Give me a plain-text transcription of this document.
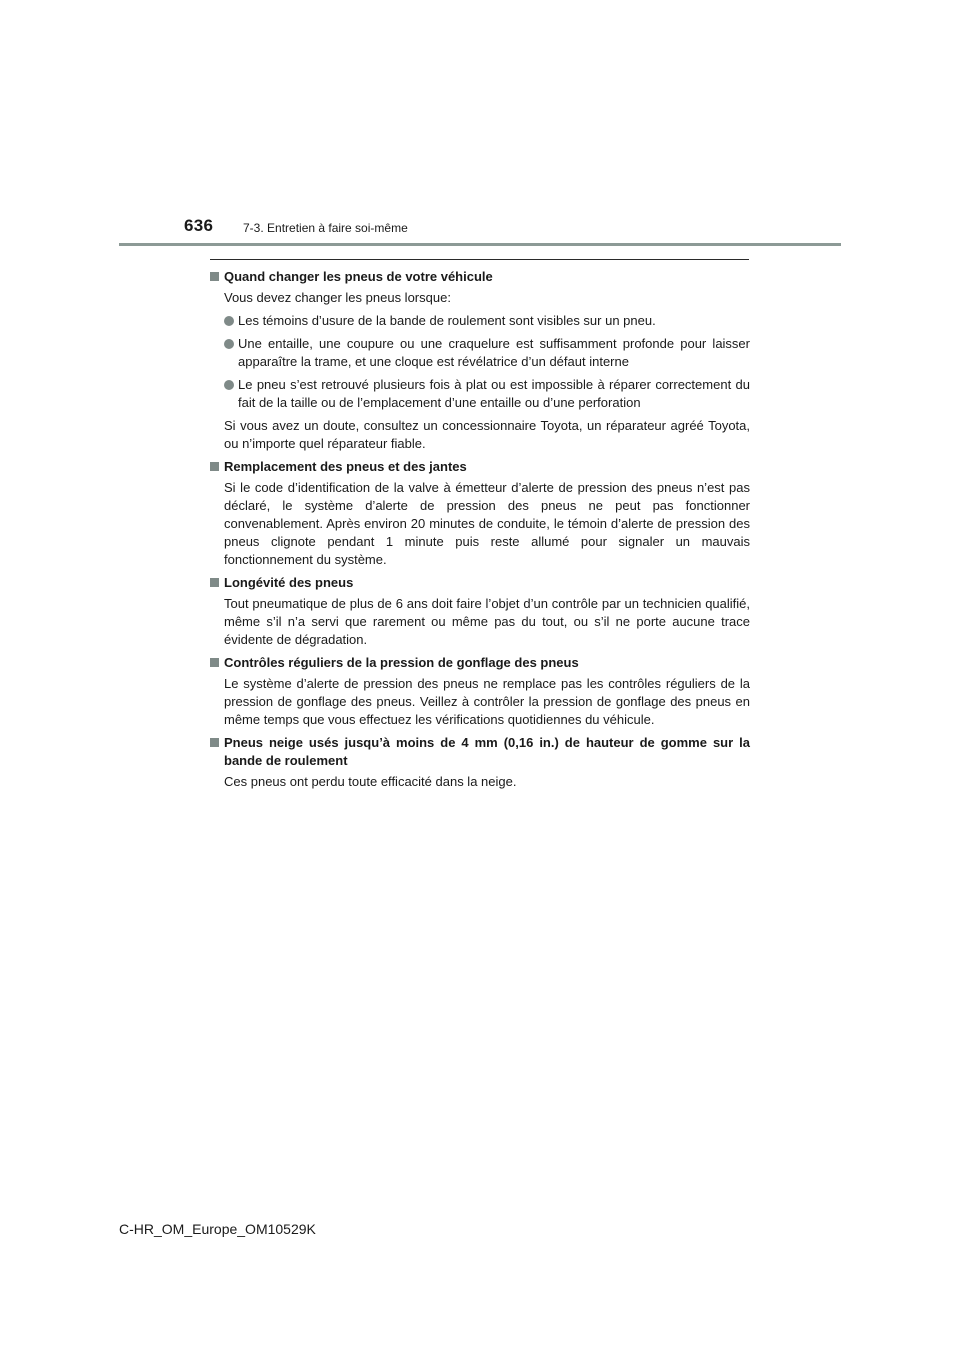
636 7-3. Entretien à faire soi-même
Quand changer les pneus de votre véhicule
Vous devez changer les pneus lorsque:
Les témoins d’usure de la bande de roulement sont visibles sur un pneu.
Une entaille, une coupure ou une craquelure est suffisamment profonde pour laisser apparaître la trame, et une cloque est révélatrice d’un défaut interne
Le pneu s’est retrouvé plusieurs fois à plat ou est impossible à réparer correctement du fait de la taille ou de l’emplacement d’une entaille ou d’une perforation
Si vous avez un doute, consultez un concessionnaire Toyota, un réparateur agréé Toyota, ou n’importe quel réparateur fiable.
Remplacement des pneus et des jantes
Si le code d’identification de la valve à émetteur d’alerte de pression des pneus n’est pas déclaré, le système d’alerte de pression des pneus ne peut pas fonctionner convenablement. Après environ 20 minutes de conduite, le témoin d’alerte de pression des pneus clignote pendant 1 minute puis reste allumé pour signaler un mauvais fonctionnement du système.
Longévité des pneus
Tout pneumatique de plus de 6 ans doit faire l’objet d’un contrôle par un technicien qualifié, même s’il n’a servi que rarement ou même pas du tout, ou s’il ne porte aucune trace évidente de dégradation.
Contrôles réguliers de la pression de gonflage des pneus
Le système d’alerte de pression des pneus ne remplace pas les contrôles réguliers de la pression de gonflage des pneus. Veillez à contrôler la pression de gonflage des pneus en même temps que vous effectuez les vérifications quotidiennes du véhicule.
Pneus neige usés jusqu’à moins de 4 mm (0,16 in.) de hauteur de gomme sur la bande de roulement
Ces pneus ont perdu toute efficacité dans la neige.
C-HR_OM_Europe_OM10529K
